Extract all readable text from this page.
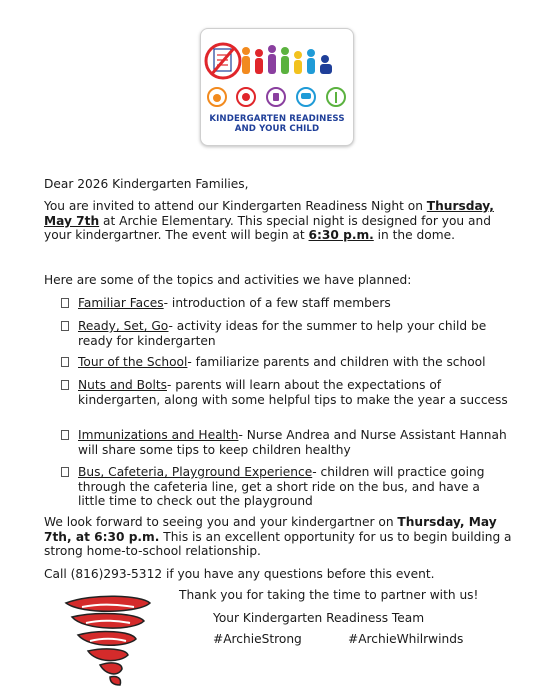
KINDERGARTEN READINESS
AND YOUR CHILD

Dear 2026 Kindergarten Families,

You are invited to attend our Kindergarten Readiness Night on Thursday, May 7th at Archie Elementary. This special night is designed for you and your kindergartner. The event will begin at 6:30 p.m. in the dome.

Here are some of the topics and activities we have planned:

Familiar Faces- introduction of a few staff members
Ready, Set, Go- activity ideas for the summer to help your child be ready for kindergarten
Tour of the School- familiarize parents and children with the school
Nuts and Bolts- parents will learn about the expectations of kindergarten, along with some helpful tips to make the year a success
Immunizations and Health- Nurse Andrea and Nurse Assistant Hannah will share some tips to keep children healthy
Bus, Cafeteria, Playground Experience- children will practice going through the cafeteria line, get a short ride on the bus, and have a little time to check out the playground

We look forward to seeing you and your kindergartner on Thursday, May 7th, at 6:30 p.m. This is an excellent opportunity for us to begin building a strong home-to-school relationship.

Call (816)293-5312 if you have any questions before this event.

Thank you for taking the time to partner with us!
Your Kindergarten Readiness Team
#ArchieStrong	#ArchieWhilrwinds
